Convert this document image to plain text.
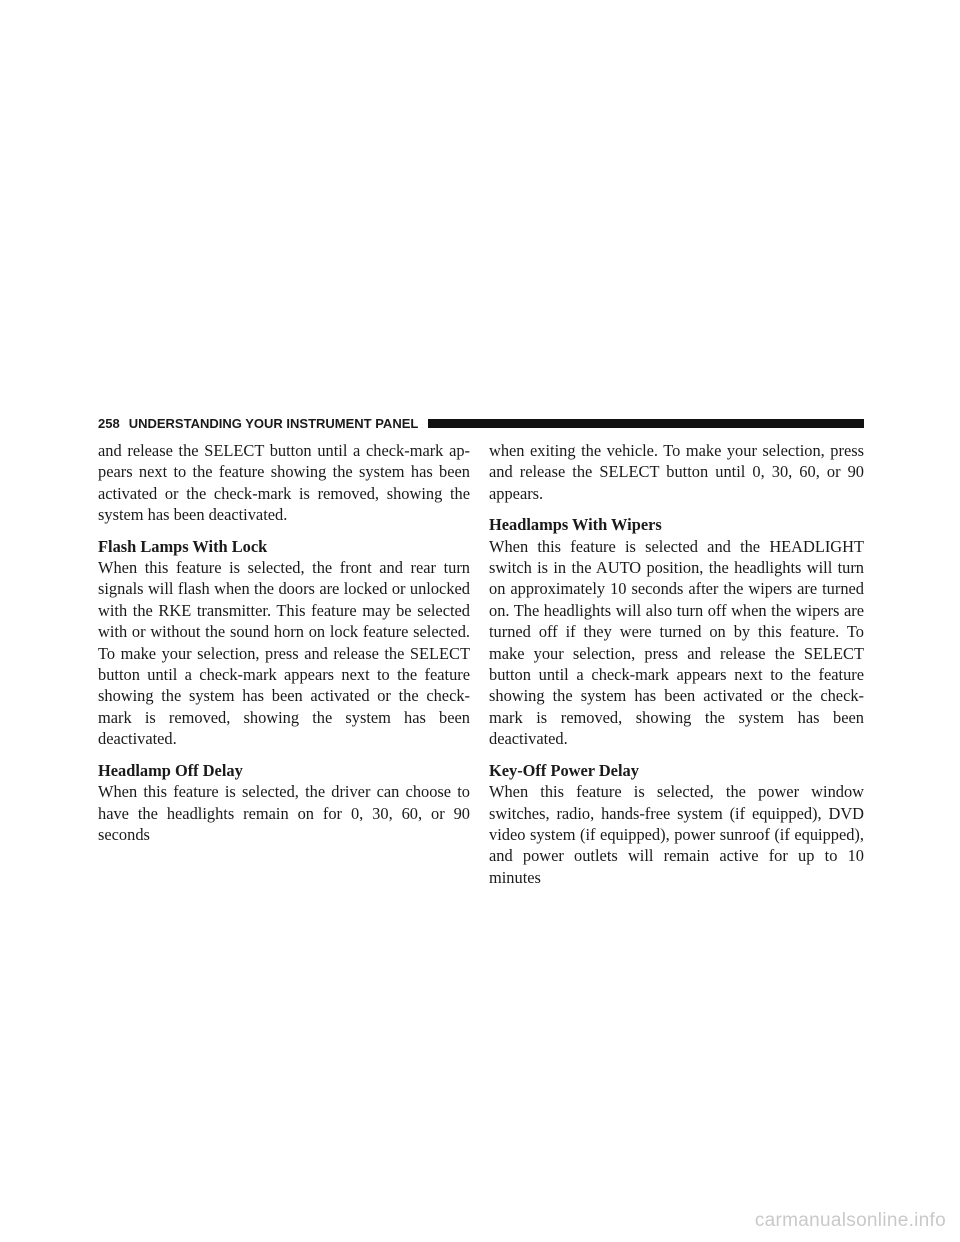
258 UNDERSTANDING YOUR INSTRUMENT PANEL

and release the SELECT button until a check-mark ap- pears next to the feature showing the system has been activated or the check-mark is removed, showing the system has been deactivated.

Flash Lamps With Lock

When this feature is selected, the front and rear turn signals will flash when the doors are locked or unlocked with the RKE transmitter. This feature may be selected with or without the sound horn on lock feature selected. To make your selection, press and release the SELECT button until a check-mark appears next to the feature showing the system has been activated or the check-mark is removed, showing the system has been deactivated.

Headlamp Off Delay

When this feature is selected, the driver can choose to have the headlights remain on for 0, 30, 60, or 90 seconds

when exiting the vehicle. To make your selection, press and release the SELECT button until 0, 30, 60, or 90 appears.

Headlamps With Wipers

When this feature is selected and the HEADLIGHT switch is in the AUTO position, the headlights will turn on approximately 10 seconds after the wipers are turned on. The headlights will also turn off when the wipers are turned off if they were turned on by this feature. To make your selection, press and release the SELECT button until a check-mark appears next to the feature showing the system has been activated or the check-mark is removed, showing the system has been deactivated.

Key-Off Power Delay

When this feature is selected, the power window switches, radio, hands-free system (if equipped), DVD video system (if equipped), power sunroof (if equipped), and power outlets will remain active for up to 10 minutes

carmanualsonline.info
